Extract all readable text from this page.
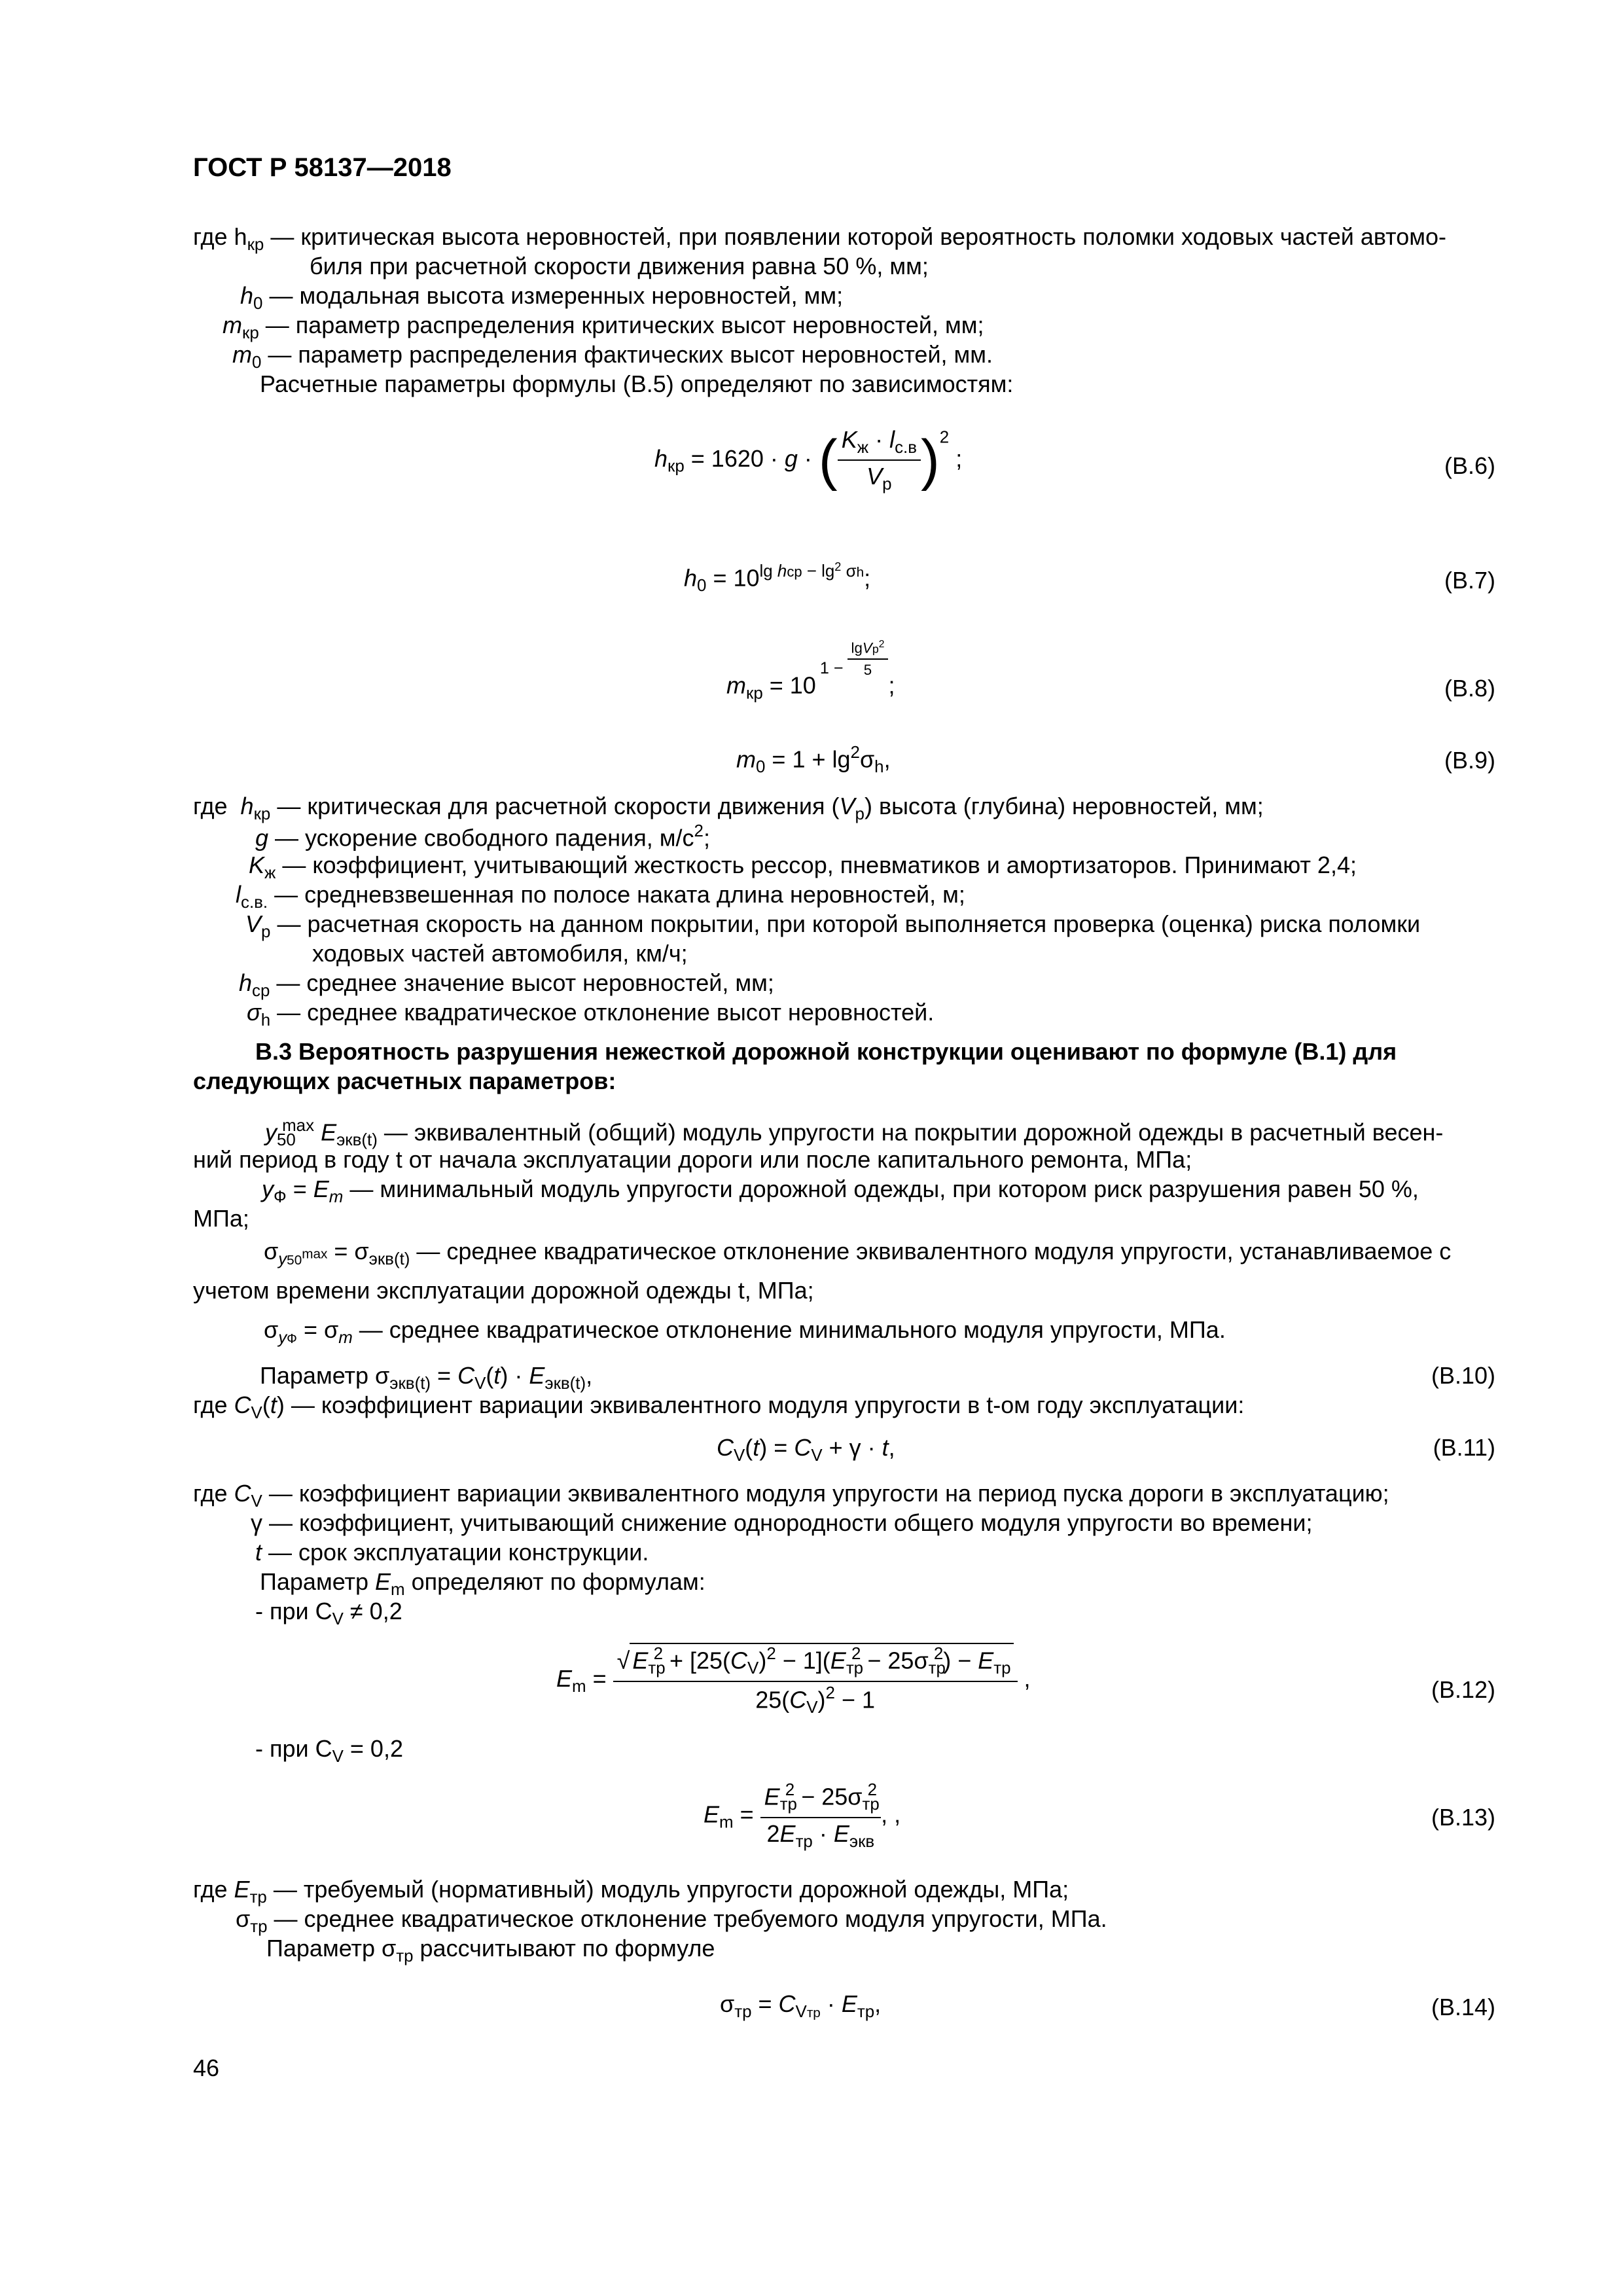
ГОСТ Р 58137—2018
где $h_{кр}$ — критическая высота неровностей, при появлении которой вероятность поломки ходовых частей автомо-
биля при расчетной скорости движения равна 50 %, мм;
$h_0$ — модальная высота измеренных неровностей, мм;
$m_{кр}$ — параметр распределения критических высот неровностей, мм;
$m_0$ — параметр распределения фактических высот неровностей, мм.
Расчетные параметры формулы (В.5) определяют по зависимостям:
$h_{кр} = 1620 \cdot g$ · ( $\frac{K_ж \cdot l_{с.в}}{V_р} )^2$ ;	(В.6)
$h_0 = 10^{lg hср - lg^2 \sigma h}$;	(В.7)
$m_{кр} = 10$
$1 - \frac{\lg Vр^2}{5}$
;	(В.8)
$m_0 = 1 + \lg^2\sigma_h$,	(В.9)
где  $h_{кр}$ — критическая для расчетной скорости движения $(V_р)$ высота (глубина) неровностей, мм;
g — ускорение свободного падения, $м/с^2$;
$K_ж$ — коэффициент, учитывающий жесткость рессор, пневматиков и амортизаторов. Принимают 2,4;
$l_{с.в.}$ — средневзвешенная по полосе наката длина неровностей, м;
$V_р$ — расчетная скорость на данном покрытии, при которой выполняется проверка (оценка) риска поломки
ходовых частей автомобиля, км/ч;
$h_{ср}$ — среднее значение высот неровностей, мм;
$\sigma_h$ — среднее квадратическое отклонение высот неровностей.
В.3 Вероятность разрушения нежесткой дорожной конструкции оценивают по формуле (В.1) для
следующих расчетных параметров:
$y_{50}^{max}$ $E_{экв(t)}$ — эквивалентный (общий) модуль упругости на покрытии дорожной одежды в расчетный весен-
ний период в году t от начала эксплуатации дороги или после капитального ремонта, МПа;
$y_Ф = E_m$ — минимальный модуль упругости дорожной одежды, при котором риск разрушения равен 50 %,
МПа;
$\sigma_{y50^{max}} = \sigma_{экв(t)}$ — среднее квадратическое отклонение эквивалентного модуля упругости, устанавливаемое с
учетом времени эксплуатации дорожной одежды t, МПа;
$\sigma_{yФ} = \sigma_m$ — среднее квадратическое отклонение минимального модуля упругости, МПа.
Параметр $\sigma_{экв(t)} = C_V(t) \cdot E_{экв(t)}$,	(В.10)
где $C_V(t)$ — коэффициент вариации эквивалентного модуля упругости в t-ом году эксплуатации:
$C_V(t) = C_V + \gamma \cdot t$,	(В.11)
где $C_V$ — коэффициент вариации эквивалентного модуля упругости на период пуска дороги в эксплуатацию;
γ — коэффициент, учитывающий снижение однородности общего модуля упругости во времени;
t — срок эксплуатации конструкции.
Параметр $E_m$ определяют по формулам:
- при $C_V \ne 0,2$
$E_m = \frac{√ E_{тр}^2 + [25(C_V)^2 - 1](E_{тр}^2 - 25\sigma_{тр}^2) - E_{тр}}{25(C_V)^2 - 1}$ ,	(В.12)
- при $C_V = 0,2$
$E_m = \frac{E_{тр}^2 - 25\sigma_{тр}^2}{2E_{тр} \cdot E_{экв}}$ , ,	(В.13)
где $E_{тр}$ — требуемый (нормативный) модуль упругости дорожной одежды, МПа;
$\sigma_{тр}$ — среднее квадратическое отклонение требуемого модуля упругости, МПа.
Параметр $\sigma_{тр}$ рассчитывают по формуле
$\sigma_{тр} = C_{Vтр} \cdot E_{тр}$,	(В.14)
46
